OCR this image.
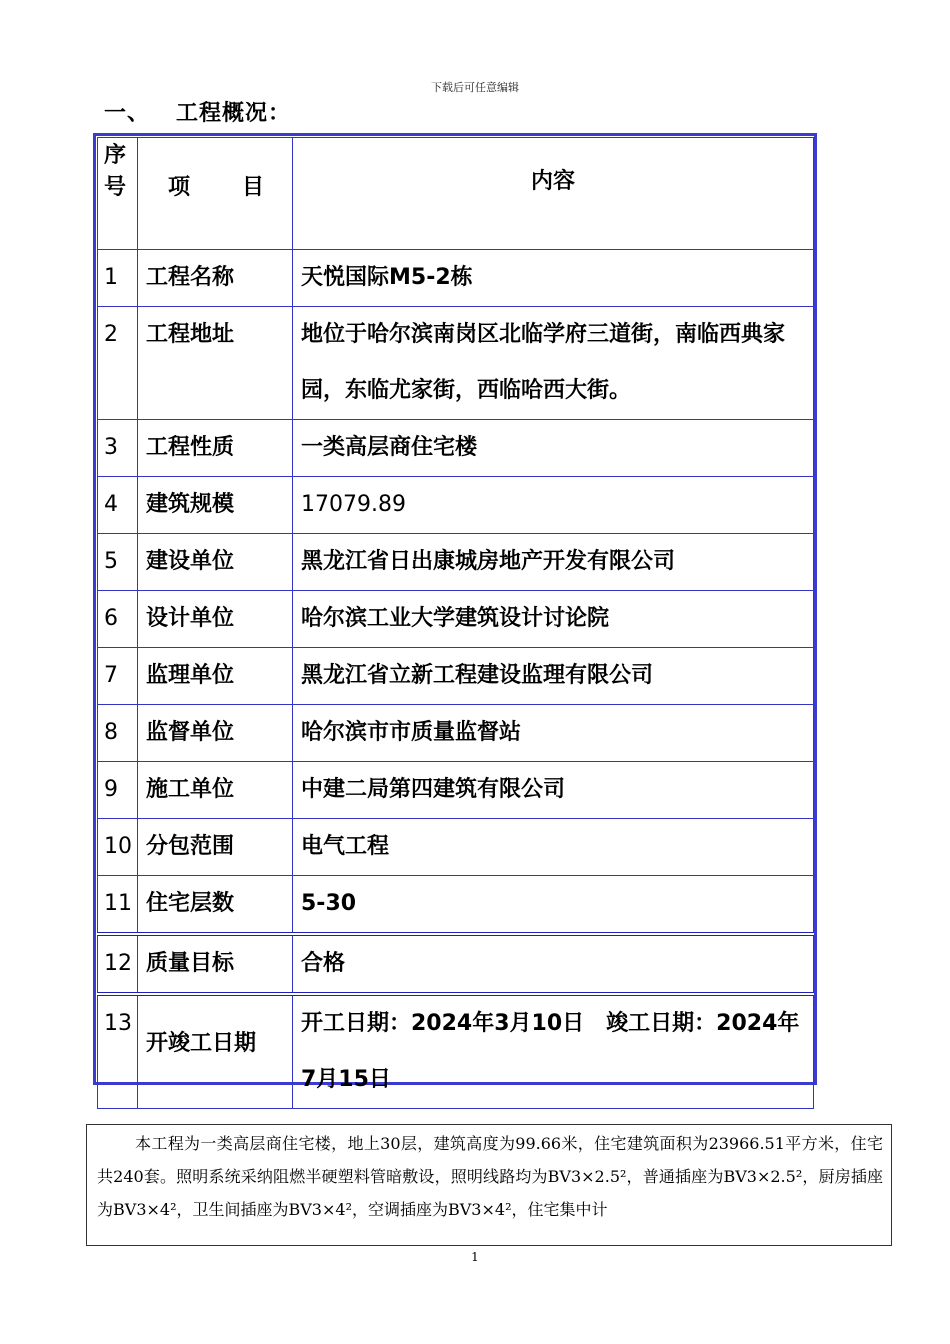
下载后可任意编辑
一、 工程概况：
序
号	项 目	内容
1	工程名称	天悦国际M5-2栋
2	工程地址	地位于哈尔滨南岗区北临学府三道街，南临西典家园，东临尤家街，西临哈西大街。
3	工程性质	一类高层商住宅楼
4	建筑规模	17079.89
5	建设单位	黑龙江省日出康城房地产开发有限公司
6	设计单位	哈尔滨工业大学建筑设计讨论院
7	监理单位	黑龙江省立新工程建设监理有限公司
8	监督单位	哈尔滨市市质量监督站
9	施工单位	中建二局第四建筑有限公司
10	分包范围	电气工程
11	住宅层数	5-30
12	质量目标	合格
13	开竣工日期	开工日期：2024年3月10日　竣工日期：2024年7月15日
本工程为一类高层商住宅楼，地上30层，建筑高度为99.66米，住宅建筑面积为23966.51平方米，住宅共240套。照明系统采纳阻燃半硬塑料管暗敷设，照明线路均为BV3×2.5²，普通插座为BV3×2.5²，厨房插座为BV3×4²，卫生间插座为BV3×4²，空调插座为BV3×4²，住宅集中计
1
